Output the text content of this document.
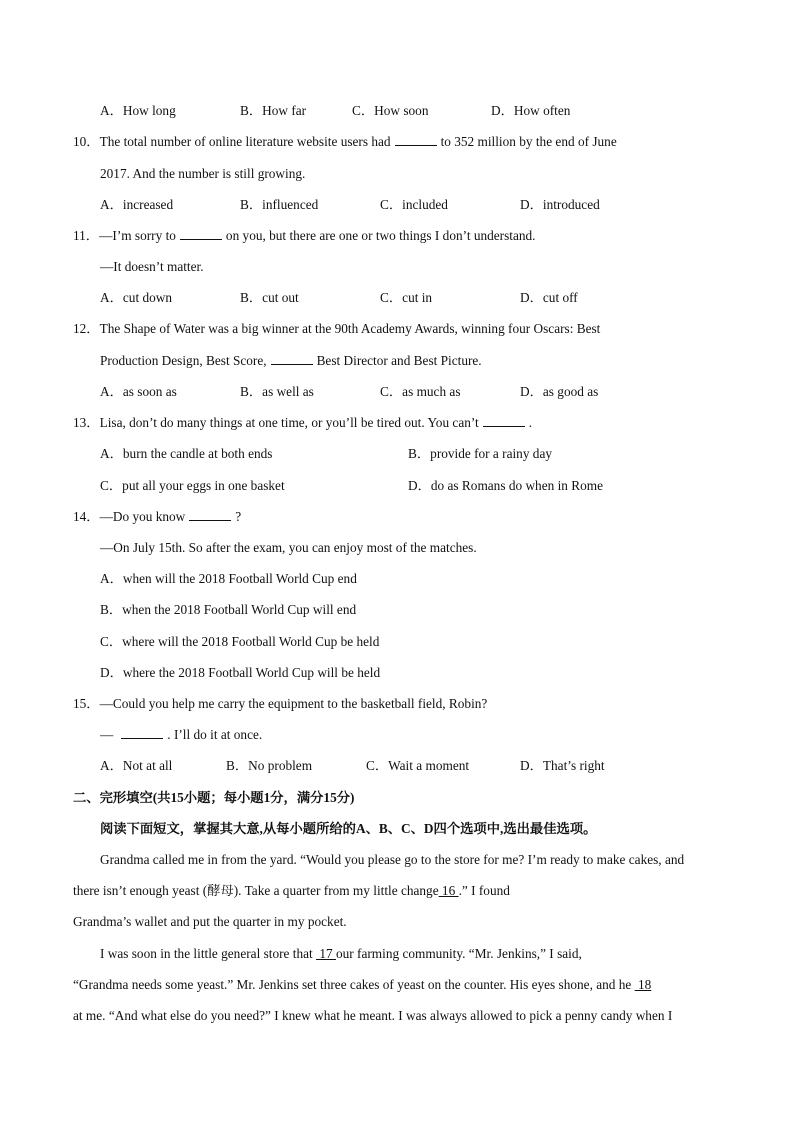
A．How long	B．How far	C．How soon	D．How often
10．The total number of online literature website users had	to 352 million by the end of June
2017. And the number is still growing.
A．increased	B．influenced	C．included	D．introduced
11．—I’m sorry to	on you, but there are one or two things I don’t understand.
—It doesn’t matter.
A．cut down	B．cut out	C．cut in	D．cut off
12．The Shape of Water was a big winner at the 90th Academy Awards, winning four Oscars: Best
Production Design, Best Score,	Best Director and Best Picture.
A．as soon as	B．as well as	C．as much as	D．as good as
13．Lisa, don’t do many things at one time, or you’ll be tired out. You can’t	.
A．burn the candle at both ends	B．provide for a rainy day
C．put all your eggs in one basket	D．do as Romans do when in Rome
14．—Do you know	?
—On July 15th. So after the exam, you can enjoy most of the matches.
A．when will the 2018 Football World Cup end
B．when the 2018 Football World Cup will end
C．where will the 2018 Football World Cup be held
D．where the 2018 Football World Cup will be held
15．—Could you help me carry the equipment to the basketball field, Robin?
—	. I’ll do it at once.
A．Not at all	B．No problem	C．Wait a moment	D．That’s right
二、完形填空(共15小题；每小题1分，满分15分)
阅读下面短文，掌握其大意,从每小题所给的A、B、C、D四个选项中,选出最佳选项。
Grandma called me in from the yard. “Would you please go to the store for me? I’m ready to make cakes, and
there isn’t enough yeast (酵母). Take a quarter from my little change 16 .” I found
Grandma’s wallet and put the quarter in my pocket.
I was soon in the little general store that  17 our farming community. “Mr. Jenkins,” I said,
“Grandma needs some yeast.” Mr. Jenkins set three cakes of yeast on the counter. His eyes shone, and he  18
at me. “And what else do you need?” I knew what he meant. I was always allowed to pick a penny candy when I
